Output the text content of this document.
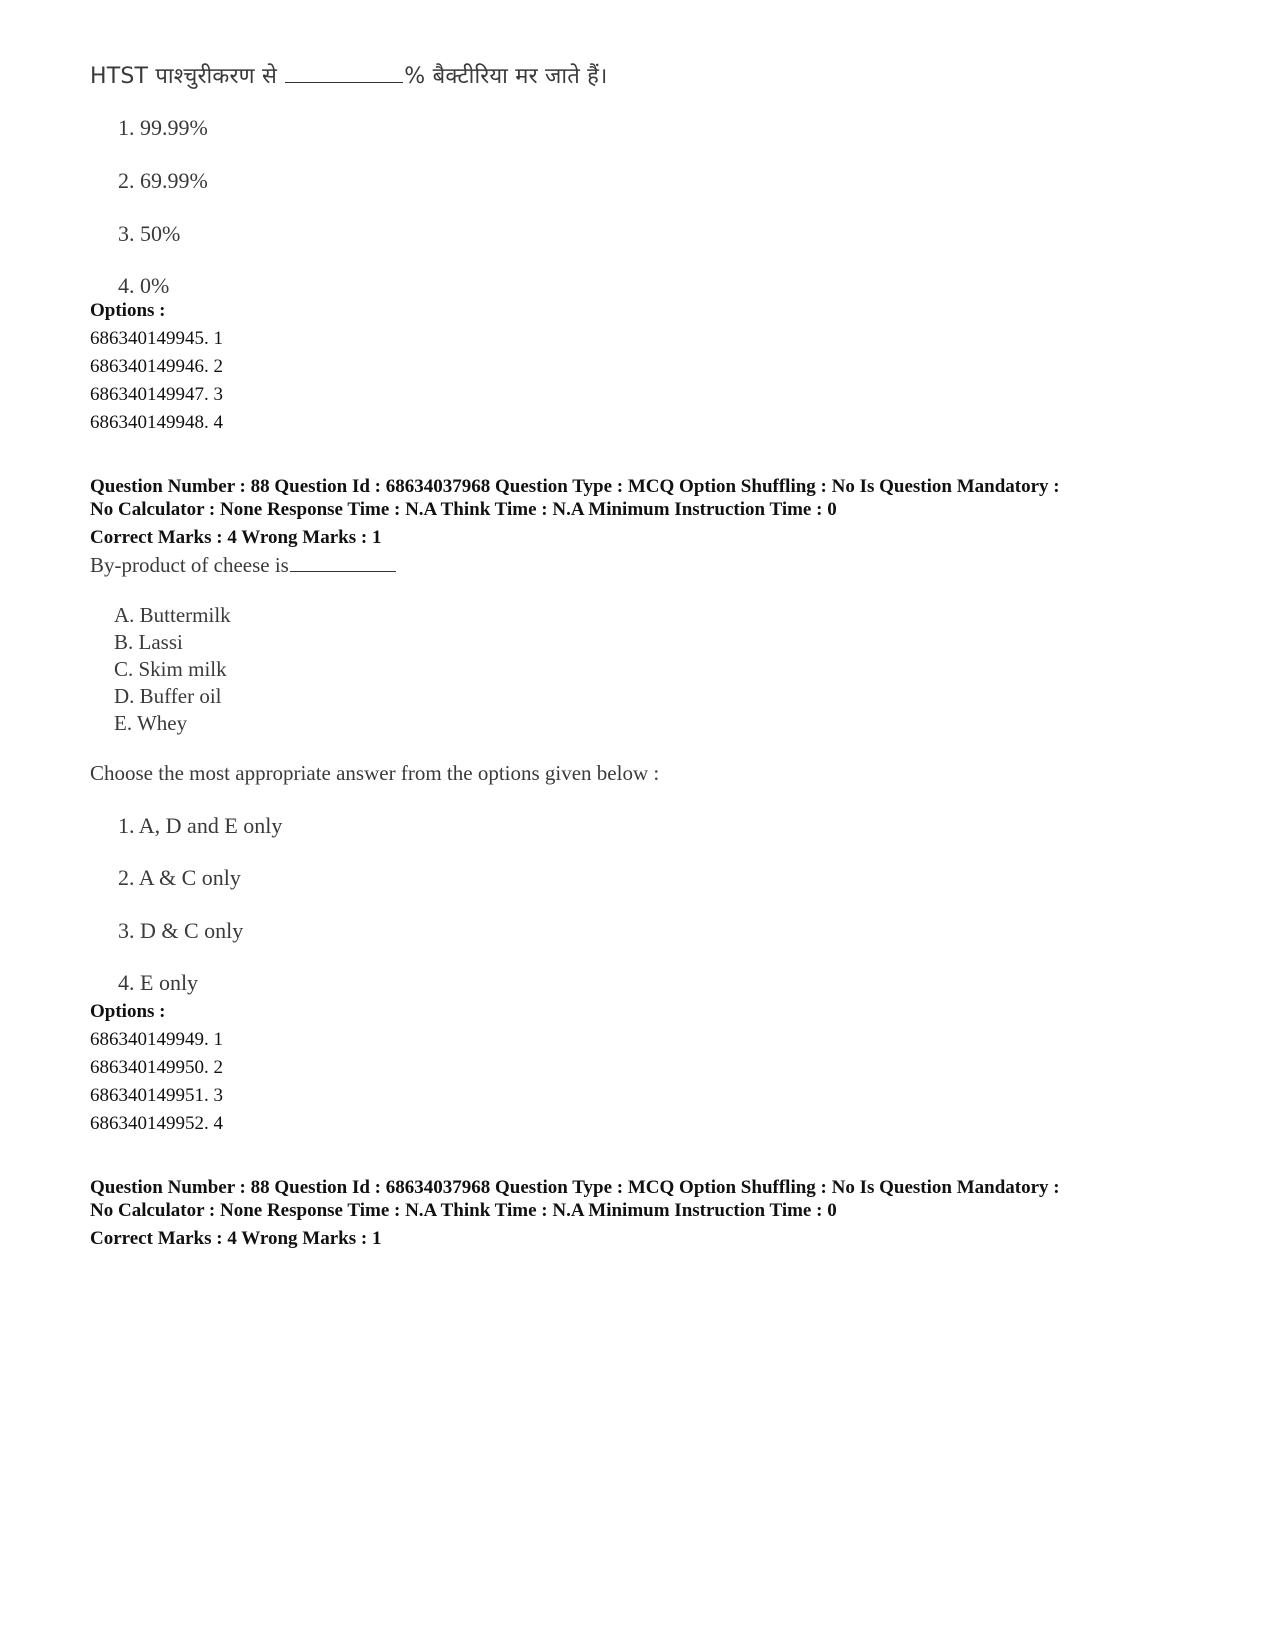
HTST पाश्चुरीकरण से	% बैक्टीरिया मर जाते हैं।
1. 99.99%
2. 69.99%
3. 50%
4. 0%
Options :
686340149945. 1
686340149946. 2
686340149947. 3
686340149948. 4
Question Number : 88 Question Id : 68634037968 Question Type : MCQ Option Shuffling : No Is Question Mandatory :
No Calculator : None Response Time : N.A Think Time : N.A Minimum Instruction Time : 0
Correct Marks : 4 Wrong Marks : 1
By-product of cheese is
A. Buttermilk
B. Lassi
C. Skim milk
D. Buffer oil
E. Whey
Choose the most appropriate answer from the options given below :
1. A, D and E only
2. A & C only
3. D & C only
4. E only
Options :
686340149949. 1
686340149950. 2
686340149951. 3
686340149952. 4
Question Number : 88 Question Id : 68634037968 Question Type : MCQ Option Shuffling : No Is Question Mandatory :
No Calculator : None Response Time : N.A Think Time : N.A Minimum Instruction Time : 0
Correct Marks : 4 Wrong Marks : 1
